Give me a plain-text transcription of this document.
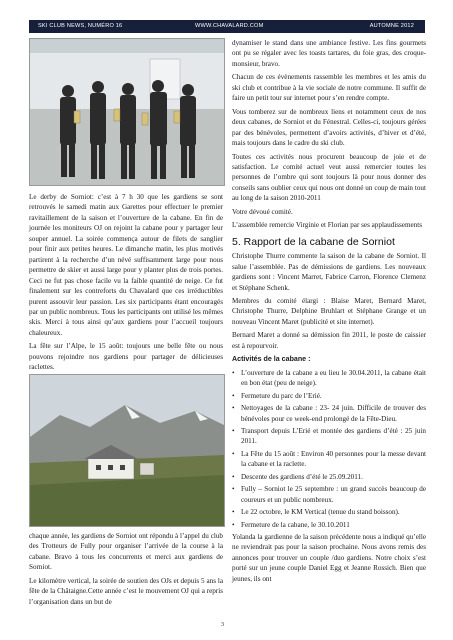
SKI CLUB NEWS, NUMÉRO 16	WWW.CHAVALARD.COM	AUTOMNE 2012

Le derby de Sorniot: c’est à 7 h 30 que les gardiens se sont retrouvés le samedi matin aux Garettes pour effectuer le premier ravitaillement de la saison et l’ouverture de la cabane. En fin de journée les moniteurs OJ on rejoint la cabane pour y partager leur souper annuel. La soirée commença autour de filets de sanglier pour finir aux petites heures. Le dimanche matin, les plus motivés partirent à la recherche d’un névé suffisamment large pour nous permettre de skier et aussi large pour y planter plus de trois portes. Ceci ne fut pas chose facile vu la faible quantité de neige. Ce fut finalement sur les contreforts du Chavalard que ces irréductibles purent assouvir leur passion. Les six participants étant encouragés par un public nombreux. Tous les participants ont utilisé les mêmes skis. Merci à tous ainsi qu’aux gardiens pour l’accueil toujours chaleureux.

La fête sur l’Alpe, le 15 août: toujours une belle fête ou nous pouvons rejoindre nos gardiens pour partager de délicieuses raclettes.

chaque année, les gardiens de Sorniot ont répondu à l’appel du club des Trotteurs de Fully pour organiser l’arrivée de la course à la cabane. Bravo à tous les concurrents et merci aux gardiens de Sorniot.

Le kilomètre vertical, la soirée de soutien des OJs et depuis 5 ans la fête de la Châtaigne.Cette année c’est le mouvement OJ qui a repris l’organisation dans un but de

dynamiser le stand dans une ambiance festive. Les fins gourmets ont pu se régaler avec les toasts tartares, du foie gras, des croque-monsieur, bravo.

Chacun de ces évènements rassemble les membres et les amis du ski club et contribue à la vie sociale de notre commune. Il suffit de faire un petit tour sur internet pour s’en rendre compte.

Vous tomberez sur de nombreux liens et notamment ceux de nos deux cabanes, de Sorniot et du Fénestral. Celles-ci, toujours gérées par des bénévoles, permettent d’avoirs activités, d’hiver et d’été, mais toujours dans le cadre du ski club.

Toutes ces activités nous procurent beaucoup de joie et de satisfaction. Le comité actuel veut aussi remercier toutes les personnes de l’ombre qui sont toujours là pour nous donner des conseils sans oublier ceux qui nous ont donné un coup de main tout au long de la saison 2010-2011

Votre dévoué comité.

L’assemblée remercie Virginie et Florian par ses applaudissements

5. Rapport de la cabane de Sorniot

Christophe Thurre commente la saison de la cabane de Sorniot. Il salue l’assemblée. Pas de démissions de gardiens. Les nouveaux gardiens sont : Vincent Marret, Fabrice Carron, Florence Clemenz et Stéphane Schenk.

Membres du comité élargi : Blaise Maret, Bernard Maret, Christophe Thurre, Delphine Bruhlart et Stéphane Grange et un nouveau Vincent Maret (publicité et site internet).

Bernard Maret a donné sa démission fin 2011, le poste de caissier est à repourvoir.

Activités de la cabane :

• L’ouverture de la cabane a eu lieu le 30.04.2011, la cabane était en bon état (peu de neige).
• Fermeture du parc de l’Erié.
• Nettoyages de la cabane : 23- 24 juin. Difficile de trouver des bénévoles pour ce week-end prolongé de la Fête-Dieu.
• Transport depuis L’Erié et montée des gardiens d’été : 25 juin 2011.
• La Fête du 15 août : Environ 40 personnes pour la messe devant la cabane et la raclette.
• Descente des gardiens d’été le 25.09.2011.
• Fully – Sorniot le 25 septembre : un grand succès beaucoup de coureurs et un public nombreux.
• Le 22 octobre, le KM Vertical (tenue du stand boisson).
• Fermeture de la cabane, le 30.10.2011

Yolanda la gardienne de la saison précédente nous a indiqué qu’elle ne reviendrait pas pour la saison prochaine. Nous avons remis des annonces pour trouver un couple /duo gardiens. Notre choix s’est porté sur un jeune couple Daniel Egg et Jeanne Rossich. Bien que jeunes, ils ont

3
